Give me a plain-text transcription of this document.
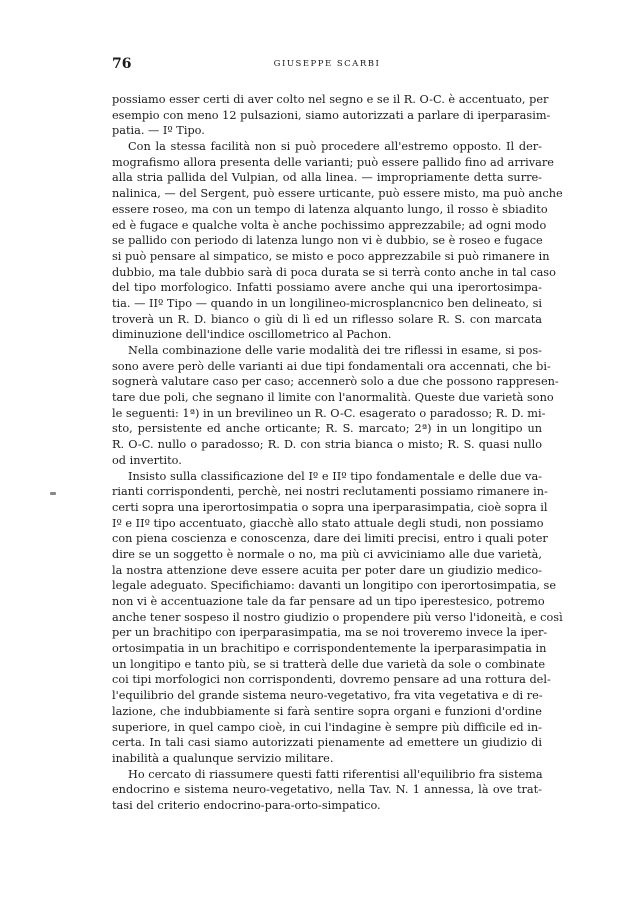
76	GIUSEPPE SCARBI
possiamo esser certi di aver colto nel segno e se il R. O-C. è accentuato, per
esempio con meno 12 pulsazioni, siamo autorizzati a parlare di iperparasim-
patia. — Iº Tipo.
Con la stessa facilità non si può procedere all'estremo opposto. Il der-
mografismo allora presenta delle varianti; può essere pallido fino ad arrivare
alla stria pallida del Vulpian, od alla linea. — impropriamente detta surre-
nalinica, — del Sergent, può essere urticante, può essere misto, ma può anche
essere roseo, ma con un tempo di latenza alquanto lungo, il rosso è sbiadito
ed è fugace e qualche volta è anche pochissimo apprezzabile; ad ogni modo
se pallido con periodo di latenza lungo non vi è dubbio, se è roseo e fugace
si può pensare al simpatico, se misto e poco apprezzabile si può rimanere in
dubbio, ma tale dubbio sarà di poca durata se si terrà conto anche in tal caso
del tipo morfologico. Infatti possiamo avere anche qui una iperortosimpa-
tia. — IIº Tipo — quando in un longilineo-microsplancnico ben delineato, si
troverà un R. D. bianco o giù di lì ed un riflesso solare R. S. con marcata
diminuzione dell'indice oscillometrico al Pachon.
Nella combinazione delle varie modalità dei tre riflessi in esame, si pos-
sono avere però delle varianti ai due tipi fondamentali ora accennati, che bi-
sognerà valutare caso per caso; accennerò solo a due che possono rappresen-
tare due poli, che segnano il limite con l'anormalità. Queste due varietà sono
le seguenti: 1ª) in un brevilineo un R. O-C. esagerato o paradosso; R. D. mi-
sto, persistente ed anche orticante; R. S. marcato; 2ª) in un longitipo un
R. O-C. nullo o paradosso; R. D. con stria bianca o misto; R. S. quasi nullo
od invertito.
Insisto sulla classificazione del Iº e IIº tipo fondamentale e delle due va-
rianti corrispondenti, perchè, nei nostri reclutamenti possiamo rimanere in-
certi sopra una iperortosimpatia o sopra una iperparasimpatia, cioè sopra il
Iº e IIº tipo accentuato, giacchè allo stato attuale degli studi, non possiamo
con piena coscienza e conoscenza, dare dei limiti precisi, entro i quali poter
dire se un soggetto è normale o no, ma più ci avviciniamo alle due varietà,
la nostra attenzione deve essere acuita per poter dare un giudizio medico-
legale adeguato. Specifichiamo: davanti un longitipo con iperortosimpatia, se
non vi è accentuazione tale da far pensare ad un tipo iperestesico, potremo
anche tener sospeso il nostro giudizio o propendere più verso l'idoneità, e così
per un brachitipo con iperparasimpatia, ma se noi troveremo invece la iper-
ortosimpatia in un brachitipo e corrispondentemente la iperparasimpatia in
un longitipo e tanto più, se si tratterà delle due varietà da sole o combinate
coi tipi morfologici non corrispondenti, dovremo pensare ad una rottura del-
l'equilibrio del grande sistema neuro-vegetativo, fra vita vegetativa e di re-
lazione, che indubbiamente si farà sentire sopra organi e funzioni d'ordine
superiore, in quel campo cioè, in cui l'indagine è sempre più difficile ed in-
certa. In tali casi siamo autorizzati pienamente ad emettere un giudizio di
inabilità a qualunque servizio militare.
Ho cercato di riassumere questi fatti riferentisi all'equilibrio fra sistema
endocrino e sistema neuro-vegetativo, nella Tav. N. 1 annessa, là ove trat-
tasi del criterio endocrino-para-orto-simpatico.
